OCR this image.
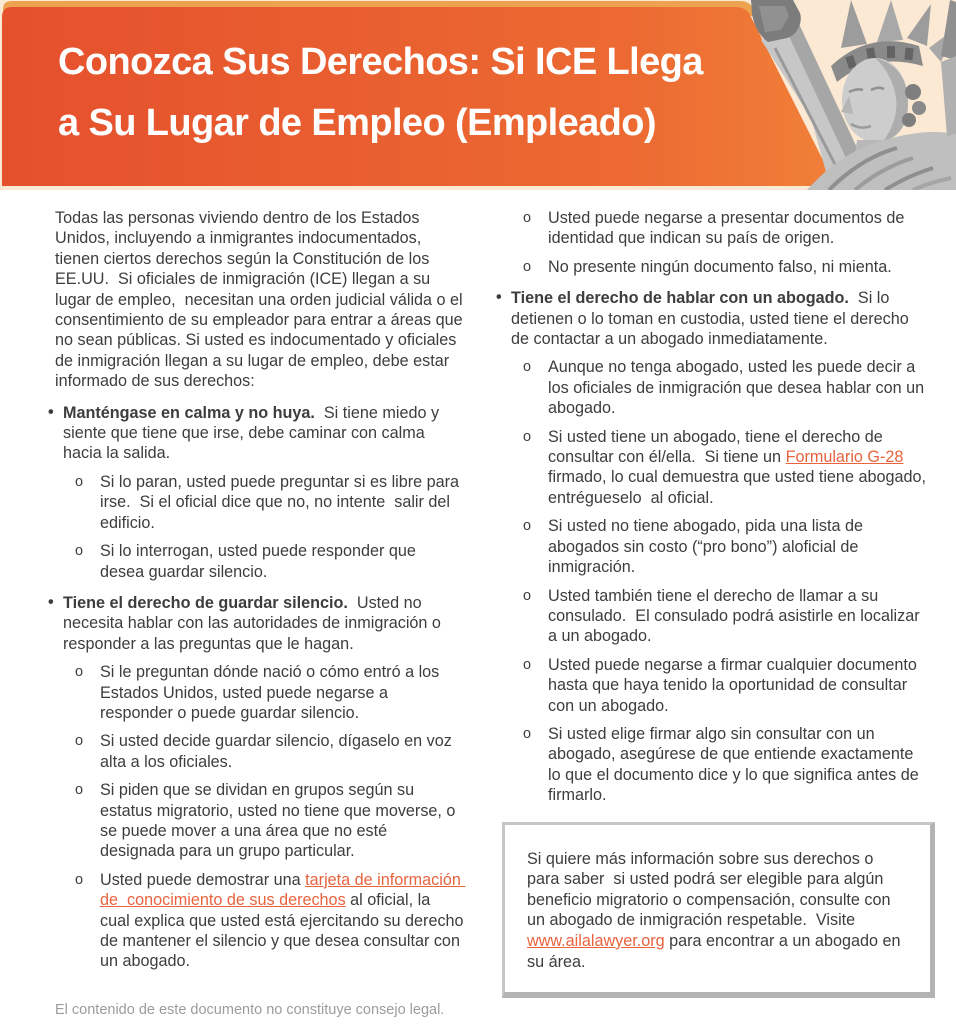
Conozca Sus Derechos: Si ICE Llega
a Su Lugar de Empleo (Empleado)

Todas las personas viviendo dentro de los Estados Unidos, incluyendo a inmigrantes indocumentados, tienen ciertos derechos según la Constitución de los EE.UU.  Si oficiales de inmigración (ICE) llegan a su lugar de empleo,  necesitan una orden judicial válida o el consentimiento de su empleador para entrar a áreas que no sean públicas. Si usted es indocumentado y oficiales de inmigración llegan a su lugar de empleo, debe estar informado de sus derechos:

• Manténgase en calma y no huya.  Si tiene miedo y siente que tiene que irse, debe caminar con calma hacia la salida.

o	Si lo paran, usted puede preguntar si es libre para irse.  Si el oficial dice que no, no intente  salir del edificio.

o	Si lo interrogan, usted puede responder que desea guardar silencio.

• Tiene el derecho de guardar silencio.  Usted no necesita hablar con las autoridades de inmigración o responder a las preguntas que le hagan.

o	Si le preguntan dónde nació o cómo entró a los Estados Unidos, usted puede negarse a responder o puede guardar silencio.

o	Si usted decide guardar silencio, dígaselo en voz alta a los oficiales.

o	Si piden que se dividan en grupos según su estatus migratorio, usted no tiene que moverse, o se puede mover a una área que no esté designada para un grupo particular.

o	Usted puede demostrar una tarjeta de información de  conocimiento de sus derechos al oficial, la cual explica que usted está ejercitando su derecho de mantener el silencio y que desea consultar con un abogado.

o	Usted puede negarse a presentar documentos de identidad que indican su país de origen.

o	No presente ningún documento falso, ni mienta.

• Tiene el derecho de hablar con un abogado.  Si lo detienen o lo toman en custodia, usted tiene el derecho de contactar a un abogado inmediatamente.

o	Aunque no tenga abogado, usted les puede decir a los oficiales de inmigración que desea hablar con un abogado.

o	Si usted tiene un abogado, tiene el derecho de consultar con él/ella.  Si tiene un Formulario G-28 firmado, lo cual demuestra que usted tiene abogado, entrégueselo  al oficial.

o	Si usted no tiene abogado, pida una lista de abogados sin costo (“pro bono”) aloficial de inmigración.

o	Usted también tiene el derecho de llamar a su consulado.  El consulado podrá asistirle en localizar a un abogado.

o	Usted puede negarse a firmar cualquier documento hasta que haya tenido la oportunidad de consultar con un abogado.

o	Si usted elige firmar algo sin consultar con un abogado, asegúrese de que entiende exactamente lo que el documento dice y lo que significa antes de firmarlo.

Si quiere más información sobre sus derechos o para saber  si usted podrá ser elegible para algún beneficio migratorio o compensación, consulte con un abogado de inmigración respetable.  Visite www.ailalawyer.org para encontrar a un abogado en su área.

El contenido de este documento no constituye consejo legal.
